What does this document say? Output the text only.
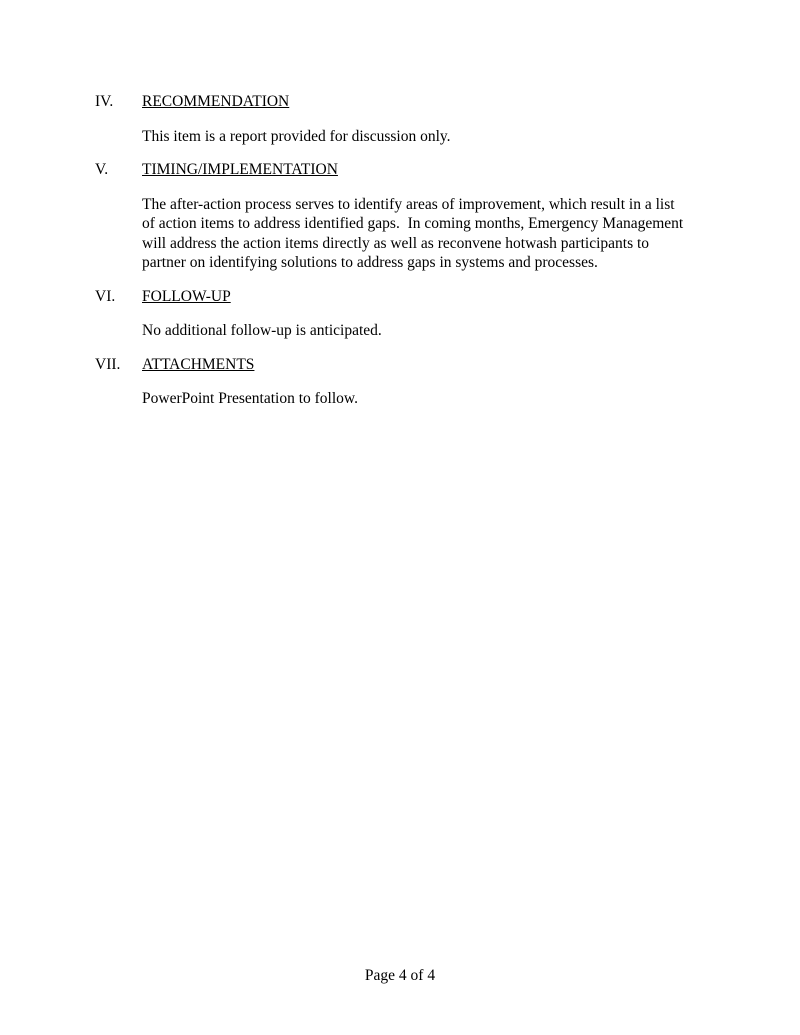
IV.	RECOMMENDATION
This item is a report provided for discussion only.
V.	TIMING/IMPLEMENTATION
The after-action process serves to identify areas of improvement, which result in a list of action items to address identified gaps.  In coming months, Emergency Management will address the action items directly as well as reconvene hotwash participants to partner on identifying solutions to address gaps in systems and processes.
VI.	FOLLOW-UP
No additional follow-up is anticipated.
VII.	ATTACHMENTS
PowerPoint Presentation to follow.
Page 4 of 4
